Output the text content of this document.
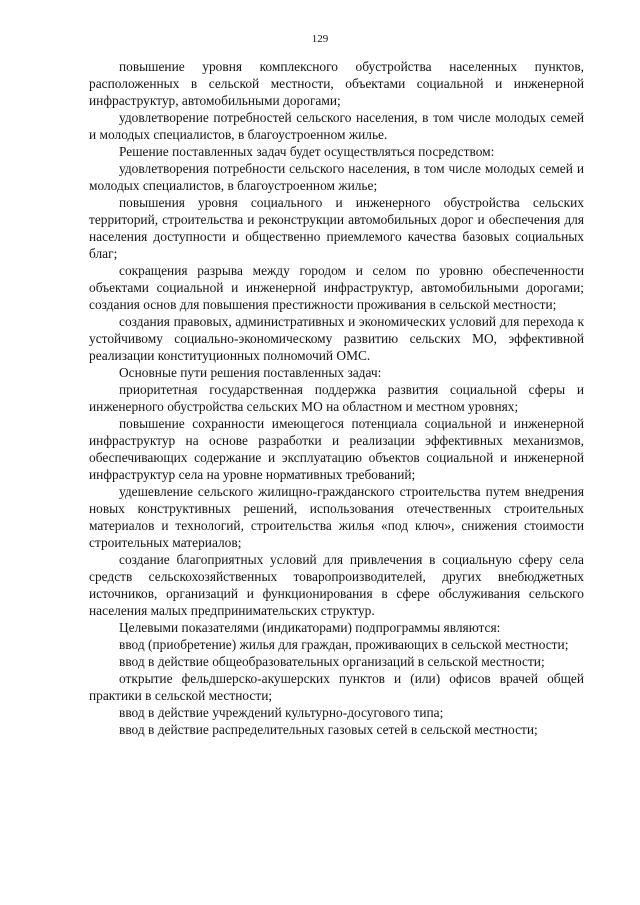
129

повышение уровня комплексного обустройства населенных пунктов, расположенных в сельской местности, объектами социальной и инженерной инфраструктур, автомобильными дорогами;

удовлетворение потребностей сельского населения, в том числе молодых семей и молодых специалистов, в благоустроенном жилье.

Решение поставленных задач будет осуществляться посредством:

удовлетворения потребности сельского населения, в том числе молодых семей и молодых специалистов, в благоустроенном жилье;

повышения уровня социального и инженерного обустройства сельских территорий, строительства и реконструкции автомобильных дорог и обеспечения для населения доступности и общественно приемлемого качества базовых социальных благ;

сокращения разрыва между городом и селом по уровню обеспеченности объектами социальной и инженерной инфраструктур, автомобильными дорогами; создания основ для повышения престижности проживания в сельской местности;

создания правовых, административных и экономических условий для перехода к устойчивому социально-экономическому развитию сельских МО, эффективной реализации конституционных полномочий ОМС.

Основные пути решения поставленных задач:

приоритетная государственная поддержка развития социальной сферы и инженерного обустройства сельских МО на областном и местном уровнях;

повышение сохранности имеющегося потенциала социальной и инженерной инфраструктур на основе разработки и реализации эффективных механизмов, обеспечивающих содержание и эксплуатацию объектов социальной и инженерной инфраструктур села на уровне нормативных требований;

удешевление сельского жилищно-гражданского строительства путем внедрения новых конструктивных решений, использования отечественных строительных материалов и технологий, строительства жилья «под ключ», снижения стоимости строительных материалов;

создание благоприятных условий для привлечения в социальную сферу села средств сельскохозяйственных товаропроизводителей, других внебюджетных источников, организаций и функционирования в сфере обслуживания сельского населения малых предпринимательских структур.

Целевыми показателями (индикаторами) подпрограммы являются:

ввод (приобретение) жилья для граждан, проживающих в сельской местности;

ввод в действие общеобразовательных организаций в сельской местности;

открытие фельдшерско-акушерских пунктов и (или) офисов врачей общей практики в сельской местности;

ввод в действие учреждений культурно-досугового типа;

ввод в действие распределительных газовых сетей в сельской местности;
